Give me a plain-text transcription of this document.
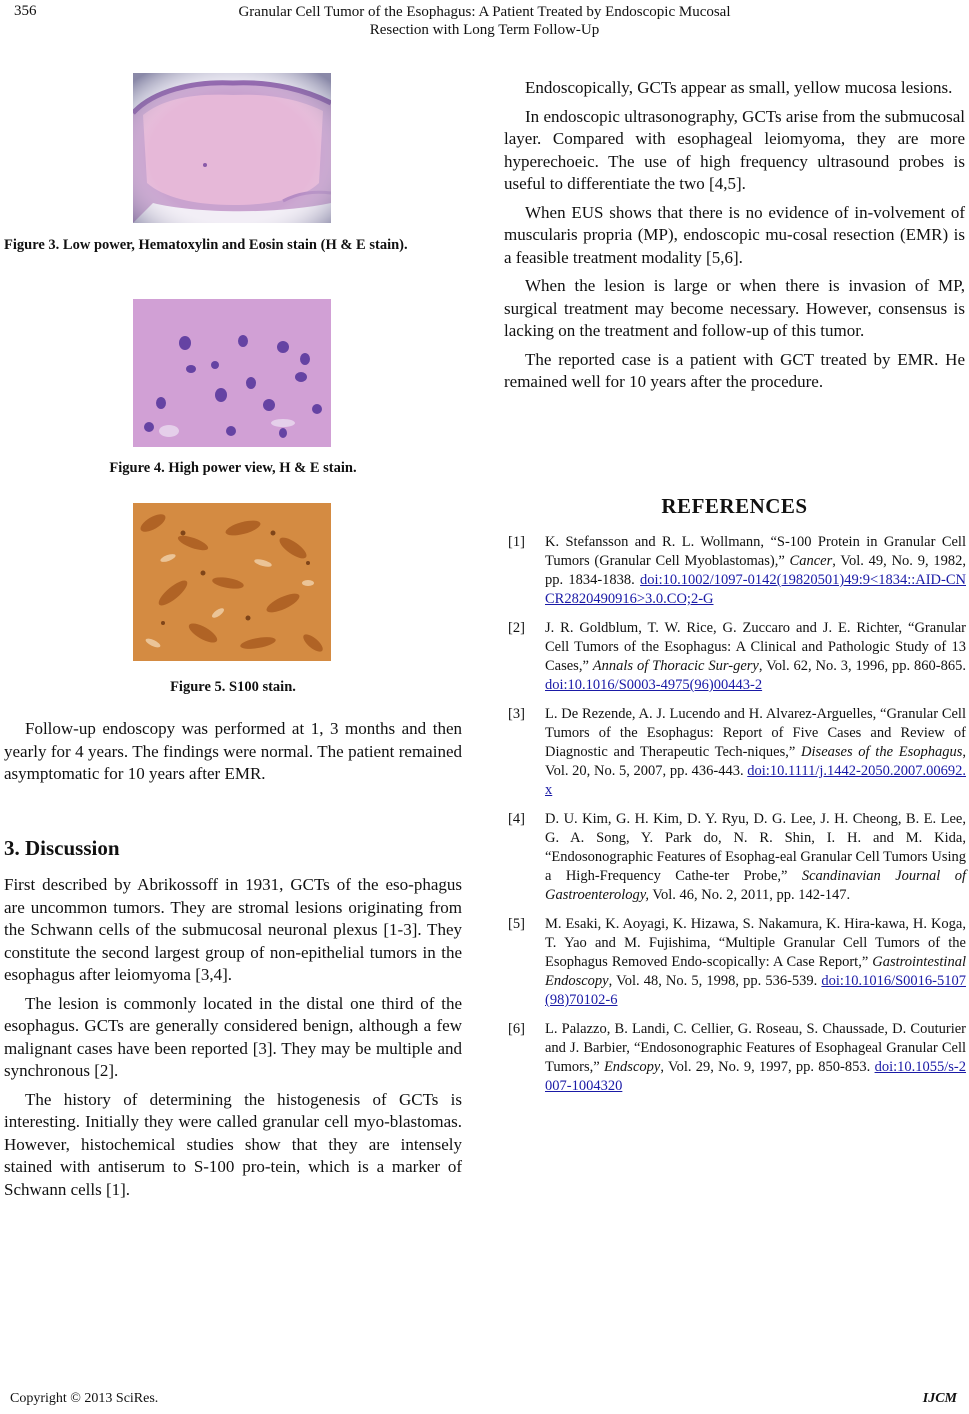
356	Granular Cell Tumor of the Esophagus: A Patient Treated by Endoscopic Mucosal
Resection with Long Term Follow-Up
Figure 3. Low power, Hematoxylin and Eosin stain (H & E stain).
Figure 4. High power view, H & E stain.
Figure 5. S100 stain.

Follow-up endoscopy was performed at 1, 3 months and then yearly for 4 years. The findings were normal. The patient remained asymptomatic for 10 years after EMR.

3. Discussion

First described by Abrikossoff in 1931, GCTs of the eso-phagus are uncommon tumors. They are stromal lesions originating from the Schwann cells of the submucosal neuronal plexus [1-3]. They constitute the second largest group of non-epithelial tumors in the esophagus after leiomyoma [3,4].

The lesion is commonly located in the distal one third of the esophagus. GCTs are generally considered benign, although a few malignant cases have been reported [3]. They may be multiple and synchronous [2].

The history of determining the histogenesis of GCTs is interesting. Initially they were called granular cell myo-blastomas. However, histochemical studies show that they are intensely stained with antiserum to S-100 pro-tein, which is a marker of Schwann cells [1].

Endoscopically, GCTs appear as small, yellow mucosa lesions.

In endoscopic ultrasonography, GCTs arise from the submucosal layer. Compared with esophageal leiomyoma, they are more hyperechoeic. The use of high frequency ultrasound probes is useful to differentiate the two [4,5].

When EUS shows that there is no evidence of in-volvement of muscularis propria (MP), endoscopic mu-cosal resection (EMR) is a feasible treatment modality [5,6].

When the lesion is large or when there is invasion of MP, surgical treatment may become necessary. However, consensus is lacking on the treatment and follow-up of this tumor.

The reported case is a patient with GCT treated by EMR. He remained well for 10 years after the procedure.

REFERENCES
[1] K. Stefansson and R. L. Wollmann, “S-100 Protein in Granular Cell Tumors (Granular Cell Myoblastomas),” Cancer, Vol. 49, No. 9, 1982, pp. 1834-1838. doi:10.1002/1097-0142(19820501)49:9<1834::AID-CNCR2820490916>3.0.CO;2-G
[2] J. R. Goldblum, T. W. Rice, G. Zuccaro and J. E. Richter, “Granular Cell Tumors of the Esophagus: A Clinical and Pathologic Study of 13 Cases,” Annals of Thoracic Sur-gery, Vol. 62, No. 3, 1996, pp. 860-865. doi:10.1016/S0003-4975(96)00443-2
[3] L. De Rezende, A. J. Lucendo and H. Alvarez-Arguelles, “Granular Cell Tumors of the Esophagus: Report of Five Cases and Review of Diagnostic and Therapeutic Tech-niques,” Diseases of the Esophagus, Vol. 20, No. 5, 2007, pp. 436-443. doi:10.1111/j.1442-2050.2007.00692.x
[4] D. U. Kim, G. H. Kim, D. Y. Ryu, D. G. Lee, J. H. Cheong, B. E. Lee, G. A. Song, Y. Park do, N. R. Shin, I. H. and M. Kida, “Endosonographic Features of Esophag-eal Granular Cell Tumors Using a High-Frequency Cathe-ter Probe,” Scandinavian Journal of Gastroenterology, Vol. 46, No. 2, 2011, pp. 142-147.
[5] M. Esaki, K. Aoyagi, K. Hizawa, S. Nakamura, K. Hira-kawa, H. Koga, T. Yao and M. Fujishima, “Multiple Granular Cell Tumors of the Esophagus Removed Endo-scopically: A Case Report,” Gastrointestinal Endoscopy, Vol. 48, No. 5, 1998, pp. 536-539. doi:10.1016/S0016-5107(98)70102-6
[6] L. Palazzo, B. Landi, C. Cellier, G. Roseau, S. Chaussade, D. Couturier and J. Barbier, “Endosonographic Features of Esophageal Granular Cell Tumors,” Endscopy, Vol. 29, No. 9, 1997, pp. 850-853. doi:10.1055/s-2007-1004320
Copyright © 2013 SciRes.	IJCM
